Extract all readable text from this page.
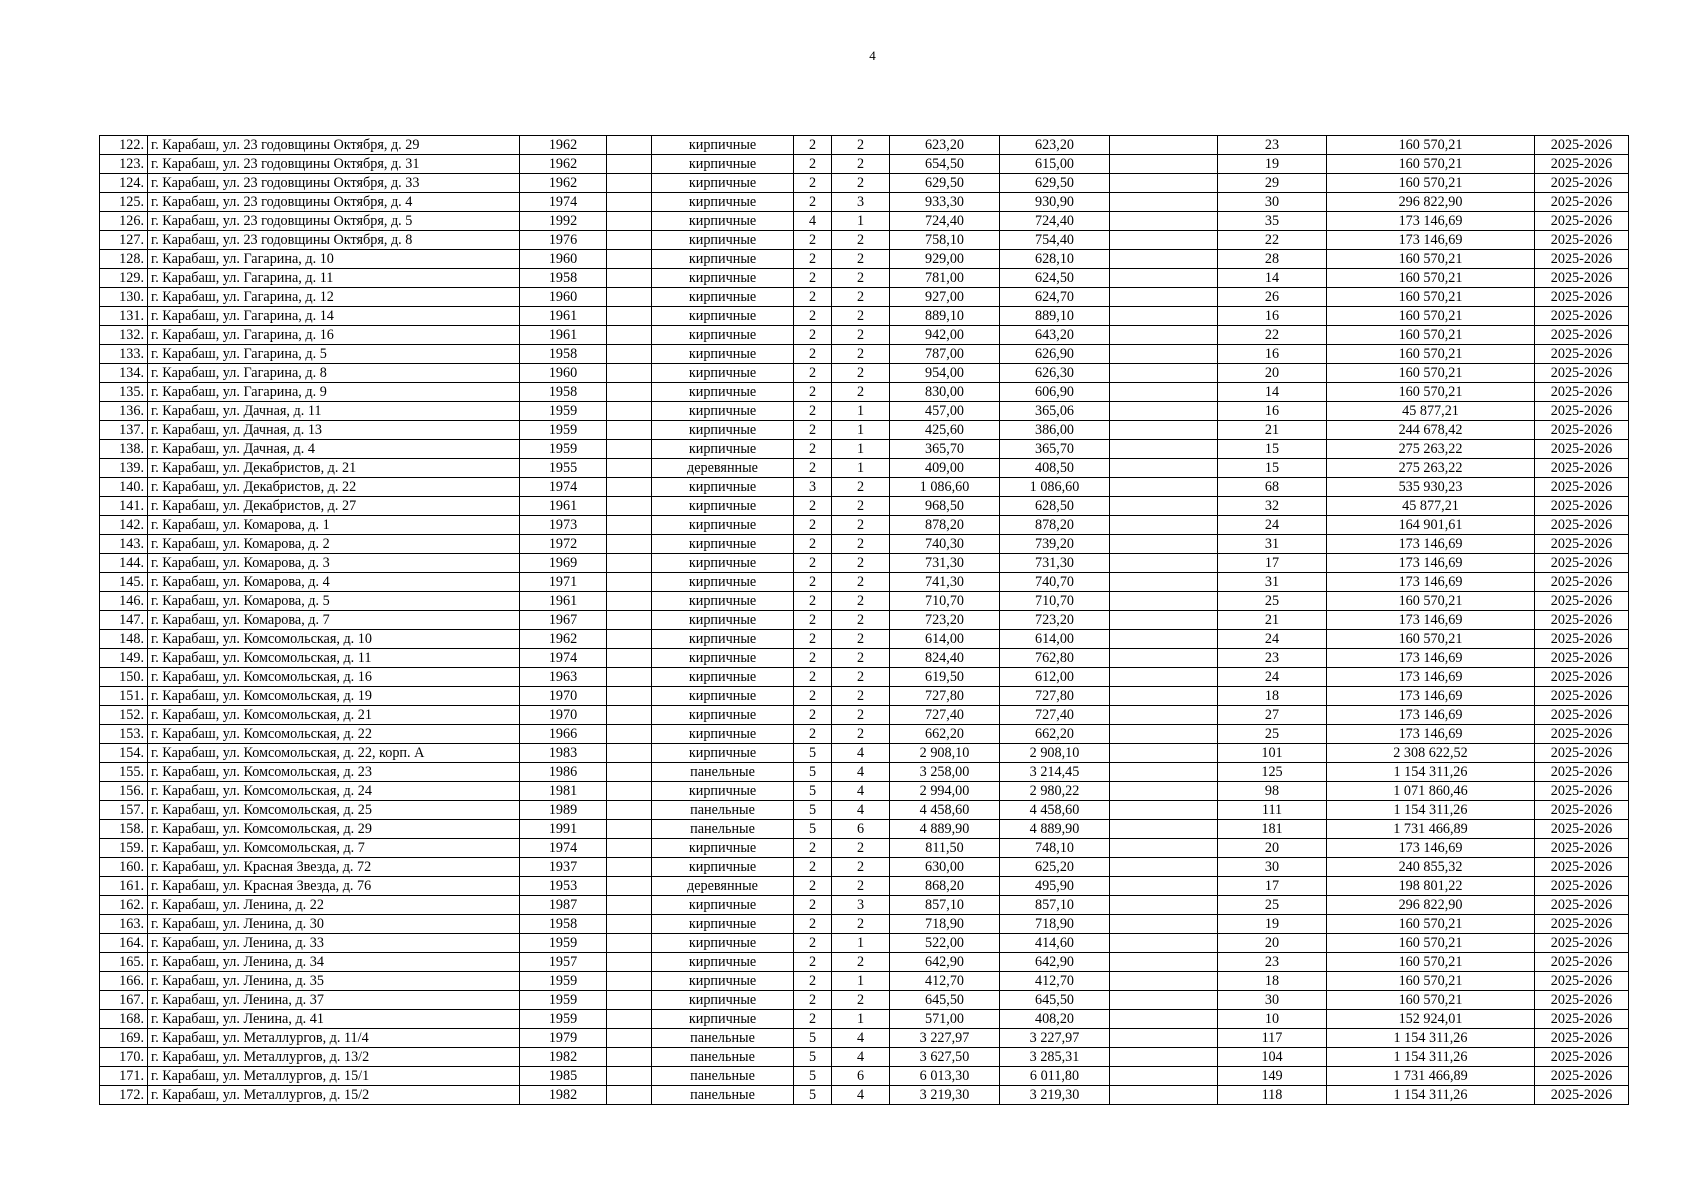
4
122.	г. Карабаш, ул. 23 годовщины Октября, д. 29	1962		кирпичные	2	2	623,20	623,20		23	160 570,21	2025-2026
123.	г. Карабаш, ул. 23 годовщины Октября, д. 31	1962		кирпичные	2	2	654,50	615,00		19	160 570,21	2025-2026
124.	г. Карабаш, ул. 23 годовщины Октября, д. 33	1962		кирпичные	2	2	629,50	629,50		29	160 570,21	2025-2026
125.	г. Карабаш, ул. 23 годовщины Октября, д. 4	1974		кирпичные	2	3	933,30	930,90		30	296 822,90	2025-2026
126.	г. Карабаш, ул. 23 годовщины Октября, д. 5	1992		кирпичные	4	1	724,40	724,40		35	173 146,69	2025-2026
127.	г. Карабаш, ул. 23 годовщины Октября, д. 8	1976		кирпичные	2	2	758,10	754,40		22	173 146,69	2025-2026
128.	г. Карабаш, ул. Гагарина, д. 10	1960		кирпичные	2	2	929,00	628,10		28	160 570,21	2025-2026
129.	г. Карабаш, ул. Гагарина, д. 11	1958		кирпичные	2	2	781,00	624,50		14	160 570,21	2025-2026
130.	г. Карабаш, ул. Гагарина, д. 12	1960		кирпичные	2	2	927,00	624,70		26	160 570,21	2025-2026
131.	г. Карабаш, ул. Гагарина, д. 14	1961		кирпичные	2	2	889,10	889,10		16	160 570,21	2025-2026
132.	г. Карабаш, ул. Гагарина, д. 16	1961		кирпичные	2	2	942,00	643,20		22	160 570,21	2025-2026
133.	г. Карабаш, ул. Гагарина, д. 5	1958		кирпичные	2	2	787,00	626,90		16	160 570,21	2025-2026
134.	г. Карабаш, ул. Гагарина, д. 8	1960		кирпичные	2	2	954,00	626,30		20	160 570,21	2025-2026
135.	г. Карабаш, ул. Гагарина, д. 9	1958		кирпичные	2	2	830,00	606,90		14	160 570,21	2025-2026
136.	г. Карабаш, ул. Дачная, д. 11	1959		кирпичные	2	1	457,00	365,06		16	45 877,21	2025-2026
137.	г. Карабаш, ул. Дачная, д. 13	1959		кирпичные	2	1	425,60	386,00		21	244 678,42	2025-2026
138.	г. Карабаш, ул. Дачная, д. 4	1959		кирпичные	2	1	365,70	365,70		15	275 263,22	2025-2026
139.	г. Карабаш, ул. Декабристов, д. 21	1955		деревянные	2	1	409,00	408,50		15	275 263,22	2025-2026
140.	г. Карабаш, ул. Декабристов, д. 22	1974		кирпичные	3	2	1 086,60	1 086,60		68	535 930,23	2025-2026
141.	г. Карабаш, ул. Декабристов, д. 27	1961		кирпичные	2	2	968,50	628,50		32	45 877,21	2025-2026
142.	г. Карабаш, ул. Комарова, д. 1	1973		кирпичные	2	2	878,20	878,20		24	164 901,61	2025-2026
143.	г. Карабаш, ул. Комарова, д. 2	1972		кирпичные	2	2	740,30	739,20		31	173 146,69	2025-2026
144.	г. Карабаш, ул. Комарова, д. 3	1969		кирпичные	2	2	731,30	731,30		17	173 146,69	2025-2026
145.	г. Карабаш, ул. Комарова, д. 4	1971		кирпичные	2	2	741,30	740,70		31	173 146,69	2025-2026
146.	г. Карабаш, ул. Комарова, д. 5	1961		кирпичные	2	2	710,70	710,70		25	160 570,21	2025-2026
147.	г. Карабаш, ул. Комарова, д. 7	1967		кирпичные	2	2	723,20	723,20		21	173 146,69	2025-2026
148.	г. Карабаш, ул. Комсомольская, д. 10	1962		кирпичные	2	2	614,00	614,00		24	160 570,21	2025-2026
149.	г. Карабаш, ул. Комсомольская, д. 11	1974		кирпичные	2	2	824,40	762,80		23	173 146,69	2025-2026
150.	г. Карабаш, ул. Комсомольская, д. 16	1963		кирпичные	2	2	619,50	612,00		24	173 146,69	2025-2026
151.	г. Карабаш, ул. Комсомольская, д. 19	1970		кирпичные	2	2	727,80	727,80		18	173 146,69	2025-2026
152.	г. Карабаш, ул. Комсомольская, д. 21	1970		кирпичные	2	2	727,40	727,40		27	173 146,69	2025-2026
153.	г. Карабаш, ул. Комсомольская, д. 22	1966		кирпичные	2	2	662,20	662,20		25	173 146,69	2025-2026
154.	г. Карабаш, ул. Комсомольская, д. 22, корп. А	1983		кирпичные	5	4	2 908,10	2 908,10		101	2 308 622,52	2025-2026
155.	г. Карабаш, ул. Комсомольская, д. 23	1986		панельные	5	4	3 258,00	3 214,45		125	1 154 311,26	2025-2026
156.	г. Карабаш, ул. Комсомольская, д. 24	1981		кирпичные	5	4	2 994,00	2 980,22		98	1 071 860,46	2025-2026
157.	г. Карабаш, ул. Комсомольская, д. 25	1989		панельные	5	4	4 458,60	4 458,60		111	1 154 311,26	2025-2026
158.	г. Карабаш, ул. Комсомольская, д. 29	1991		панельные	5	6	4 889,90	4 889,90		181	1 731 466,89	2025-2026
159.	г. Карабаш, ул. Комсомольская, д. 7	1974		кирпичные	2	2	811,50	748,10		20	173 146,69	2025-2026
160.	г. Карабаш, ул. Красная Звезда, д. 72	1937		кирпичные	2	2	630,00	625,20		30	240 855,32	2025-2026
161.	г. Карабаш, ул. Красная Звезда, д. 76	1953		деревянные	2	2	868,20	495,90		17	198 801,22	2025-2026
162.	г. Карабаш, ул. Ленина, д. 22	1987		кирпичные	2	3	857,10	857,10		25	296 822,90	2025-2026
163.	г. Карабаш, ул. Ленина, д. 30	1958		кирпичные	2	2	718,90	718,90		19	160 570,21	2025-2026
164.	г. Карабаш, ул. Ленина, д. 33	1959		кирпичные	2	1	522,00	414,60		20	160 570,21	2025-2026
165.	г. Карабаш, ул. Ленина, д. 34	1957		кирпичные	2	2	642,90	642,90		23	160 570,21	2025-2026
166.	г. Карабаш, ул. Ленина, д. 35	1959		кирпичные	2	1	412,70	412,70		18	160 570,21	2025-2026
167.	г. Карабаш, ул. Ленина, д. 37	1959		кирпичные	2	2	645,50	645,50		30	160 570,21	2025-2026
168.	г. Карабаш, ул. Ленина, д. 41	1959		кирпичные	2	1	571,00	408,20		10	152 924,01	2025-2026
169.	г. Карабаш, ул. Металлургов, д. 11/4	1979		панельные	5	4	3 227,97	3 227,97		117	1 154 311,26	2025-2026
170.	г. Карабаш, ул. Металлургов, д. 13/2	1982		панельные	5	4	3 627,50	3 285,31		104	1 154 311,26	2025-2026
171.	г. Карабаш, ул. Металлургов, д. 15/1	1985		панельные	5	6	6 013,30	6 011,80		149	1 731 466,89	2025-2026
172.	г. Карабаш, ул. Металлургов, д. 15/2	1982		панельные	5	4	3 219,30	3 219,30		118	1 154 311,26	2025-2026
